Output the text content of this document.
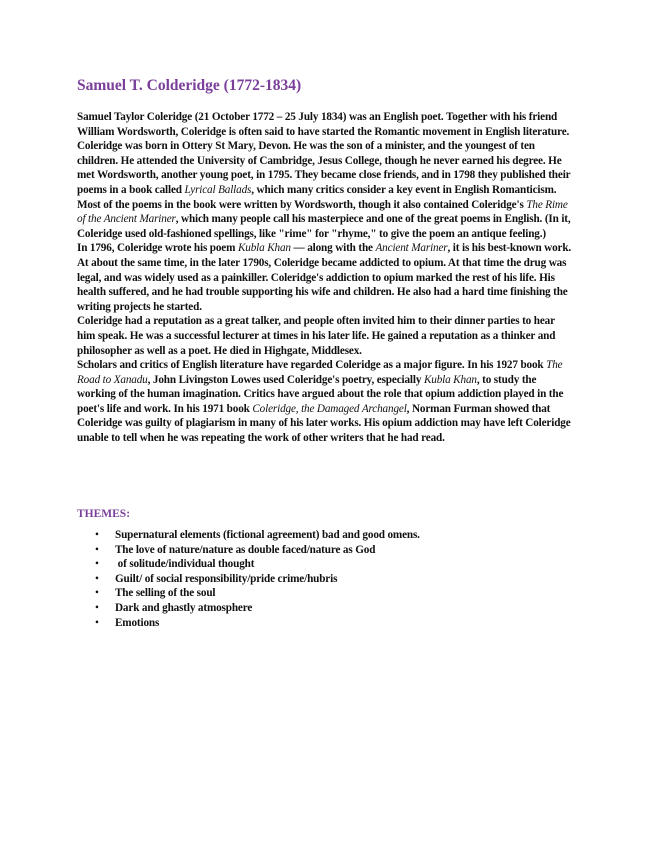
Samuel T. Colderidge (1772-1834)

Samuel Taylor Coleridge (21 October 1772 – 25 July 1834) was an English poet. Together with his friend William Wordsworth, Coleridge is often said to have started the Romantic movement in English literature.

Coleridge was born in Ottery St Mary, Devon. He was the son of a minister, and the youngest of ten children. He attended the University of Cambridge, Jesus College, though he never earned his degree. He met Wordsworth, another young poet, in 1795. They became close friends, and in 1798 they published their poems in a book called Lyrical Ballads, which many critics consider a key event in English Romanticism. Most of the poems in the book were written by Wordsworth, though it also contained Coleridge's The Rime of the Ancient Mariner, which many people call his masterpiece and one of the great poems in English. (In it, Coleridge used old-fashioned spellings, like "rime" for "rhyme," to give the poem an antique feeling.)

In 1796, Coleridge wrote his poem Kubla Khan — along with the Ancient Mariner, it is his best-known work. At about the same time, in the later 1790s, Coleridge became addicted to opium. At that time the drug was legal, and was widely used as a painkiller. Coleridge's addiction to opium marked the rest of his life. His health suffered, and he had trouble supporting his wife and children. He also had a hard time finishing the writing projects he started.

Coleridge had a reputation as a great talker, and people often invited him to their dinner parties to hear him speak. He was a successful lecturer at times in his later life. He gained a reputation as a thinker and philosopher as well as a poet. He died in Highgate, Middlesex.

Scholars and critics of English literature have regarded Coleridge as a major figure. In his 1927 book The Road to Xanadu, John Livingston Lowes used Coleridge's poetry, especially Kubla Khan, to study the working of the human imagination. Critics have argued about the role that opium addiction played in the poet's life and work. In his 1971 book Coleridge, the Damaged Archangel, Norman Furman showed that Coleridge was guilty of plagiarism in many of his later works. His opium addiction may have left Coleridge unable to tell when he was repeating the work of other writers that he had read.

THEMES:
• Supernatural elements (fictional agreement) bad and good omens.
• The love of nature/nature as double faced/nature as God
• of solitude/individual thought
• Guilt/ of social responsibility/pride crime/hubris
• The selling of the soul
• Dark and ghastly atmosphere
• Emotions
